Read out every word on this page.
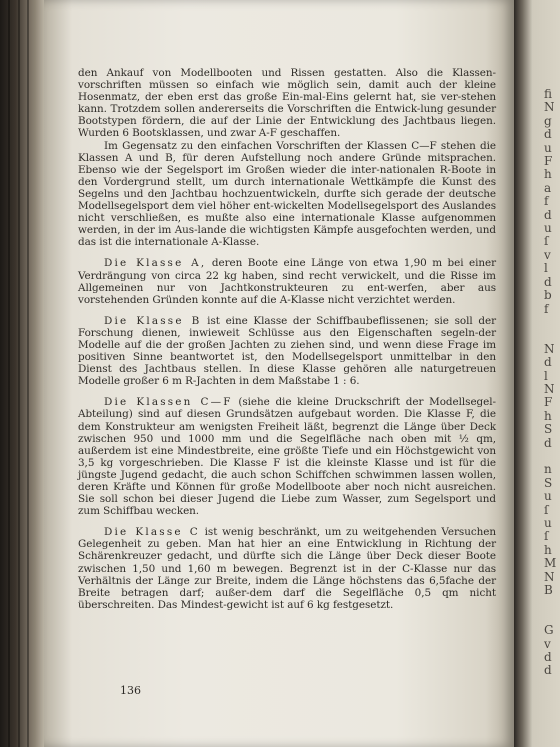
fi
N
g
d
u
F
h
a
f
d
u
ſ
v
l
d
b
f

N
d
l
N
F
h
S
d

n
S
u
ſ
u
ſ
h
M
N
B

G
v
d
d

den Ankauf von Modellbooten und Rissen gestatten. Also die Klassen-vorschriften müssen so einfach wie möglich sein, damit auch der kleine Hosenmatz, der eben erst das große Ein-mal-Eins gelernt hat, sie ver-stehen kann. Trotzdem sollen andererseits die Vorschriften die Entwick-lung gesunder Bootstypen fördern, die auf der Linie der Entwicklung des Jachtbaus liegen. Wurden 6 Bootsklassen, und zwar A-F geschaffen.

Im Gegensatz zu den einfachen Vorschriften der Klassen C—F stehen die Klassen A und B, für deren Aufstellung noch andere Gründe mitsprachen. Ebenso wie der Segelsport im Großen wieder die inter-nationalen R-Boote in den Vordergrund stellt, um durch internationale Wettkämpfe die Kunst des Segelns und den Jachtbau hochzuentwickeln, durfte sich gerade der deutsche Modellsegelsport dem viel höher ent-wickelten Modellsegelsport des Auslandes nicht verschließen, es mußte also eine internationale Klasse aufgenommen werden, in der im Aus-lande die wichtigsten Kämpfe ausgefochten werden, und das ist die internationale A-Klasse.

Die Klasse A, deren Boote eine Länge von etwa 1,90 m bei einer Verdrängung von circa 22 kg haben, sind recht verwickelt, und die Risse im Allgemeinen nur von Jachtkonstrukteuren zu ent-werfen, aber aus vorstehenden Gründen konnte auf die A-Klasse nicht verzichtet werden.

Die Klasse B ist eine Klasse der Schiffbaubeflissenen; sie soll der Forschung dienen, inwieweit Schlüsse aus den Eigenschaften segeln-der Modelle auf die der großen Jachten zu ziehen sind, und wenn diese Frage im positiven Sinne beantwortet ist, den Modellsegelsport unmittelbar in den Dienst des Jachtbaus stellen. In diese Klasse gehören alle naturgetreuen Modelle großer 6 m R-Jachten in dem Maßstabe 1 : 6.

Die Klassen C—F (siehe die kleine Druckschrift der Modellsegel-Abteilung) sind auf diesen Grundsätzen aufgebaut worden. Die Klasse F, die dem Konstrukteur am wenigsten Freiheit läßt, begrenzt die Länge über Deck zwischen 950 und 1000 mm und die Segelfläche nach oben mit ½ qm, außerdem ist eine Mindestbreite, eine größte Tiefe und ein Höchstgewicht von 3,5 kg vorgeschrieben. Die Klasse F ist die kleinste Klasse und ist für die jüngste Jugend gedacht, die auch schon Schiffchen schwimmen lassen wollen, deren Kräfte und Können für große Modellboote aber noch nicht ausreichen. Sie soll schon bei dieser Jugend die Liebe zum Wasser, zum Segelsport und zum Schiffbau wecken.

Die Klasse C ist wenig beschränkt, um zu weitgehenden Versuchen Gelegenheit zu geben. Man hat hier an eine Entwicklung in Richtung der Schärenkreuzer gedacht, und dürfte sich die Länge über Deck dieser Boote zwischen 1,50 und 1,60 m bewegen. Begrenzt ist in der C-Klasse nur das Verhältnis der Länge zur Breite, indem die Länge höchstens das 6,5fache der Breite betragen darf; außer-dem darf die Segelfläche 0,5 qm nicht überschreiten. Das Mindest-gewicht ist auf 6 kg festgesetzt.

136
